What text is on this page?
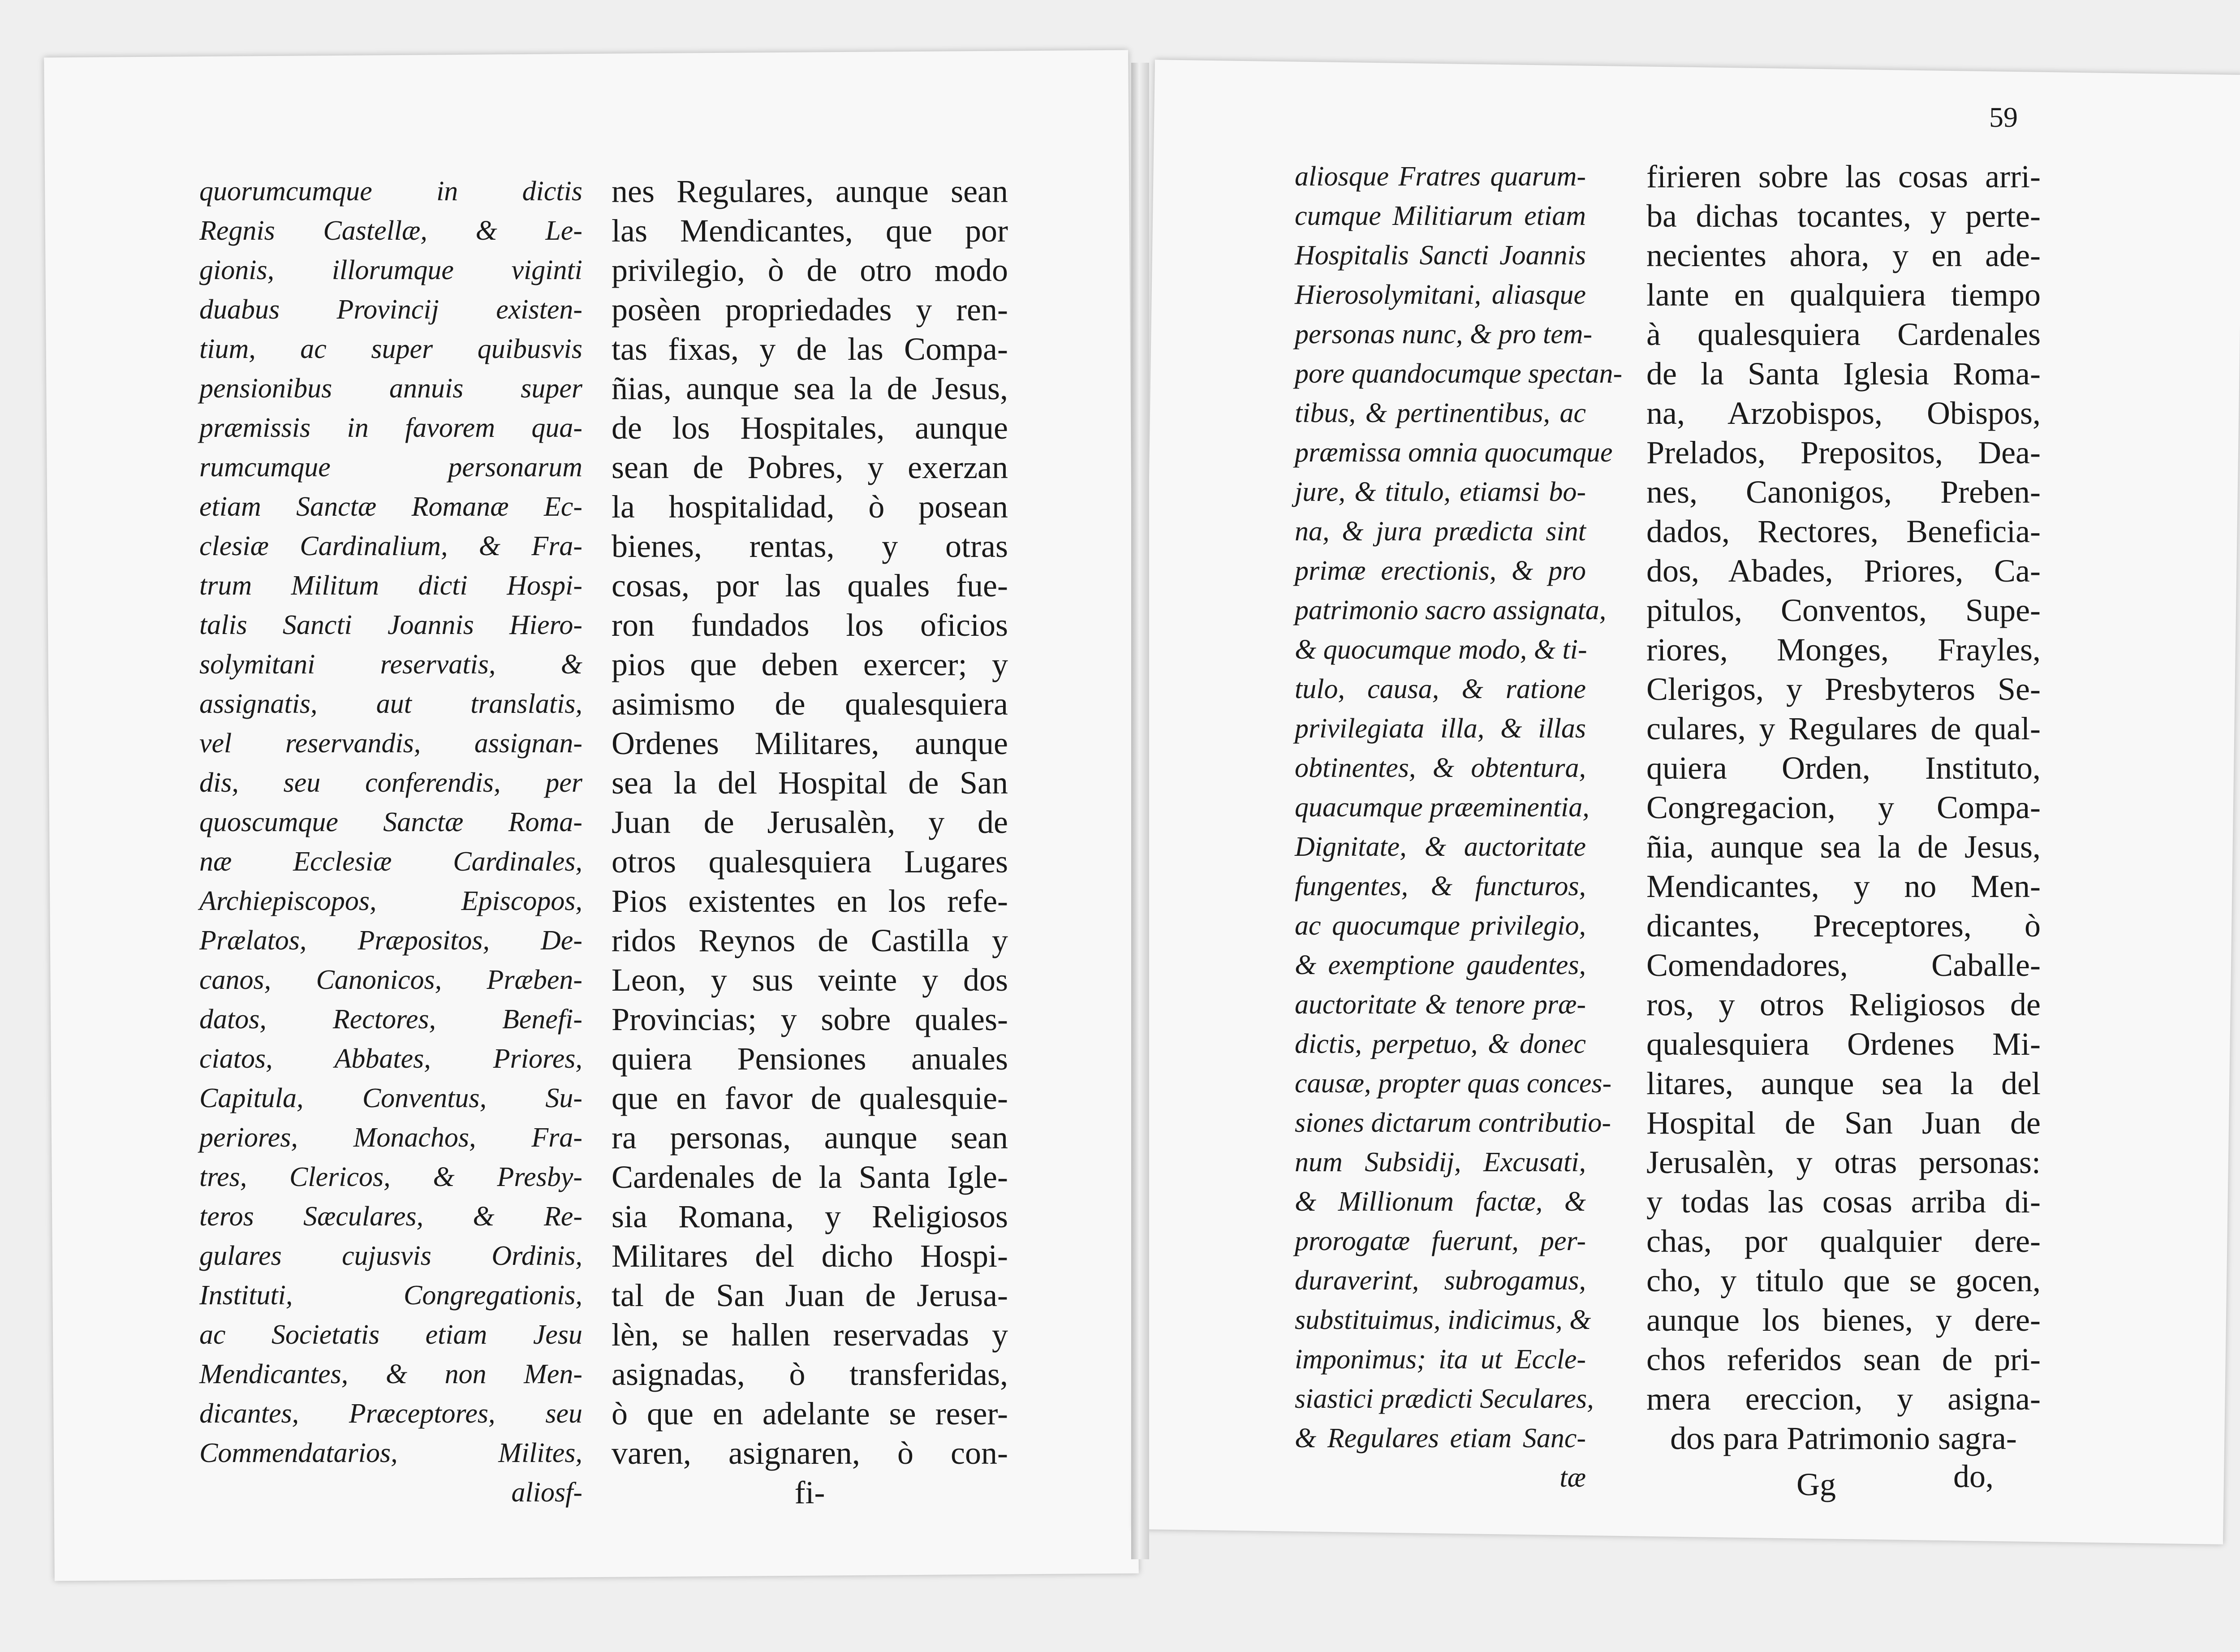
59
quorumcumque in dictis
Regnis Castellæ, & Le-
gionis, illorumque viginti
duabus Provincij existen-
tium, ac super quibusvis
pensionibus annuis super
præmissis in favorem qua-
rumcumque personarum
etiam Sanctæ Romanæ Ec-
clesiæ Cardinalium, & Fra-
trum Militum dicti Hospi-
talis Sancti Joannis Hiero-
solymitani reservatis, &
assignatis, aut translatis,
vel reservandis, assignan-
dis, seu conferendis, per
quoscumque Sanctæ Roma-
næ Ecclesiæ Cardinales,
Archiepiscopos, Episcopos,
Prælatos, Præpositos, De-
canos, Canonicos, Præben-
datos, Rectores, Benefi-
ciatos, Abbates, Priores,
Capitula, Conventus, Su-
periores, Monachos, Fra-
tres, Clericos, & Presby-
teros Sæculares, & Re-
gulares cujusvis Ordinis,
Instituti, Congregationis,
ac Societatis etiam Jesu
Mendicantes, & non Men-
dicantes, Præceptores, seu
Commendatarios, Milites,
aliosf-
nes Regulares, aunque sean
las Mendicantes, que por
privilegio, ò de otro modo
posèen propriedades y ren-
tas fixas, y de las Compa-
ñias, aunque sea la de Jesus,
de los Hospitales, aunque
sean de Pobres, y exerzan
la hospitalidad, ò posean
bienes, rentas, y otras
cosas, por las quales fue-
ron fundados los oficios
pios que deben exercer; y
asimismo de qualesquiera
Ordenes Militares, aunque
sea la del Hospital de San
Juan de Jerusalèn, y de
otros qualesquiera Lugares
Pios existentes en los refe-
ridos Reynos de Castilla y
Leon, y sus veinte y dos
Provincias; y sobre quales-
quiera Pensiones anuales
que en favor de qualesquie-
ra personas, aunque sean
Cardenales de la Santa Igle-
sia Romana, y Religiosos
Militares del dicho Hospi-
tal de San Juan de Jerusa-
lèn, se hallen reservadas y
asignadas, ò transferidas,
ò que en adelante se reser-
varen, asignaren, ò con-
fi-
aliosque Fratres quarum-
cumque Militiarum etiam
Hospitalis Sancti Joannis
Hierosolymitani, aliasque
personas nunc, & pro tem-
pore quandocumque spectan-
tibus, & pertinentibus, ac
præmissa omnia quocumque
jure, & titulo, etiamsi bo-
na, & jura prædicta sint
primæ erectionis, & pro
patrimonio sacro assignata,
& quocumque modo, & ti-
tulo, causa, & ratione
privilegiata illa, & illas
obtinentes, & obtentura,
quacumque præeminentia,
Dignitate, & auctoritate
fungentes, & functuros,
ac quocumque privilegio,
& exemptione gaudentes,
auctoritate & tenore præ-
dictis, perpetuo, & donec
causæ, propter quas conces-
siones dictarum contributio-
num Subsidij, Excusati,
& Millionum factæ, &
prorogatæ fuerunt, per-
duraverint, subrogamus,
substituimus, indicimus, &
imponimus; ita ut Eccle-
siastici prædicti Seculares,
& Regulares etiam Sanc-
tæ
firieren sobre las cosas arri-
ba dichas tocantes, y perte-
necientes ahora, y en ade-
lante en qualquiera tiempo
à qualesquiera Cardenales
de la Santa Iglesia Roma-
na, Arzobispos, Obispos,
Prelados, Prepositos, Dea-
nes, Canonigos, Preben-
dados, Rectores, Beneficia-
dos, Abades, Priores, Ca-
pitulos, Conventos, Supe-
riores, Monges, Frayles,
Clerigos, y Presbyteros Se-
culares, y Regulares de qual-
quiera Orden, Instituto,
Congregacion, y Compa-
ñia, aunque sea la de Jesus,
Mendicantes, y no Men-
dicantes, Preceptores, ò
Comendadores, Caballe-
ros, y otros Religiosos de
qualesquiera Ordenes Mi-
litares, aunque sea la del
Hospital de San Juan de
Jerusalèn, y otras personas:
y todas las cosas arriba di-
chas, por qualquier dere-
cho, y titulo que se gocen,
aunque los bienes, y dere-
chos referidos sean de pri-
mera ereccion, y asigna-
dos para Patrimonio sagra-
Gg	do,
